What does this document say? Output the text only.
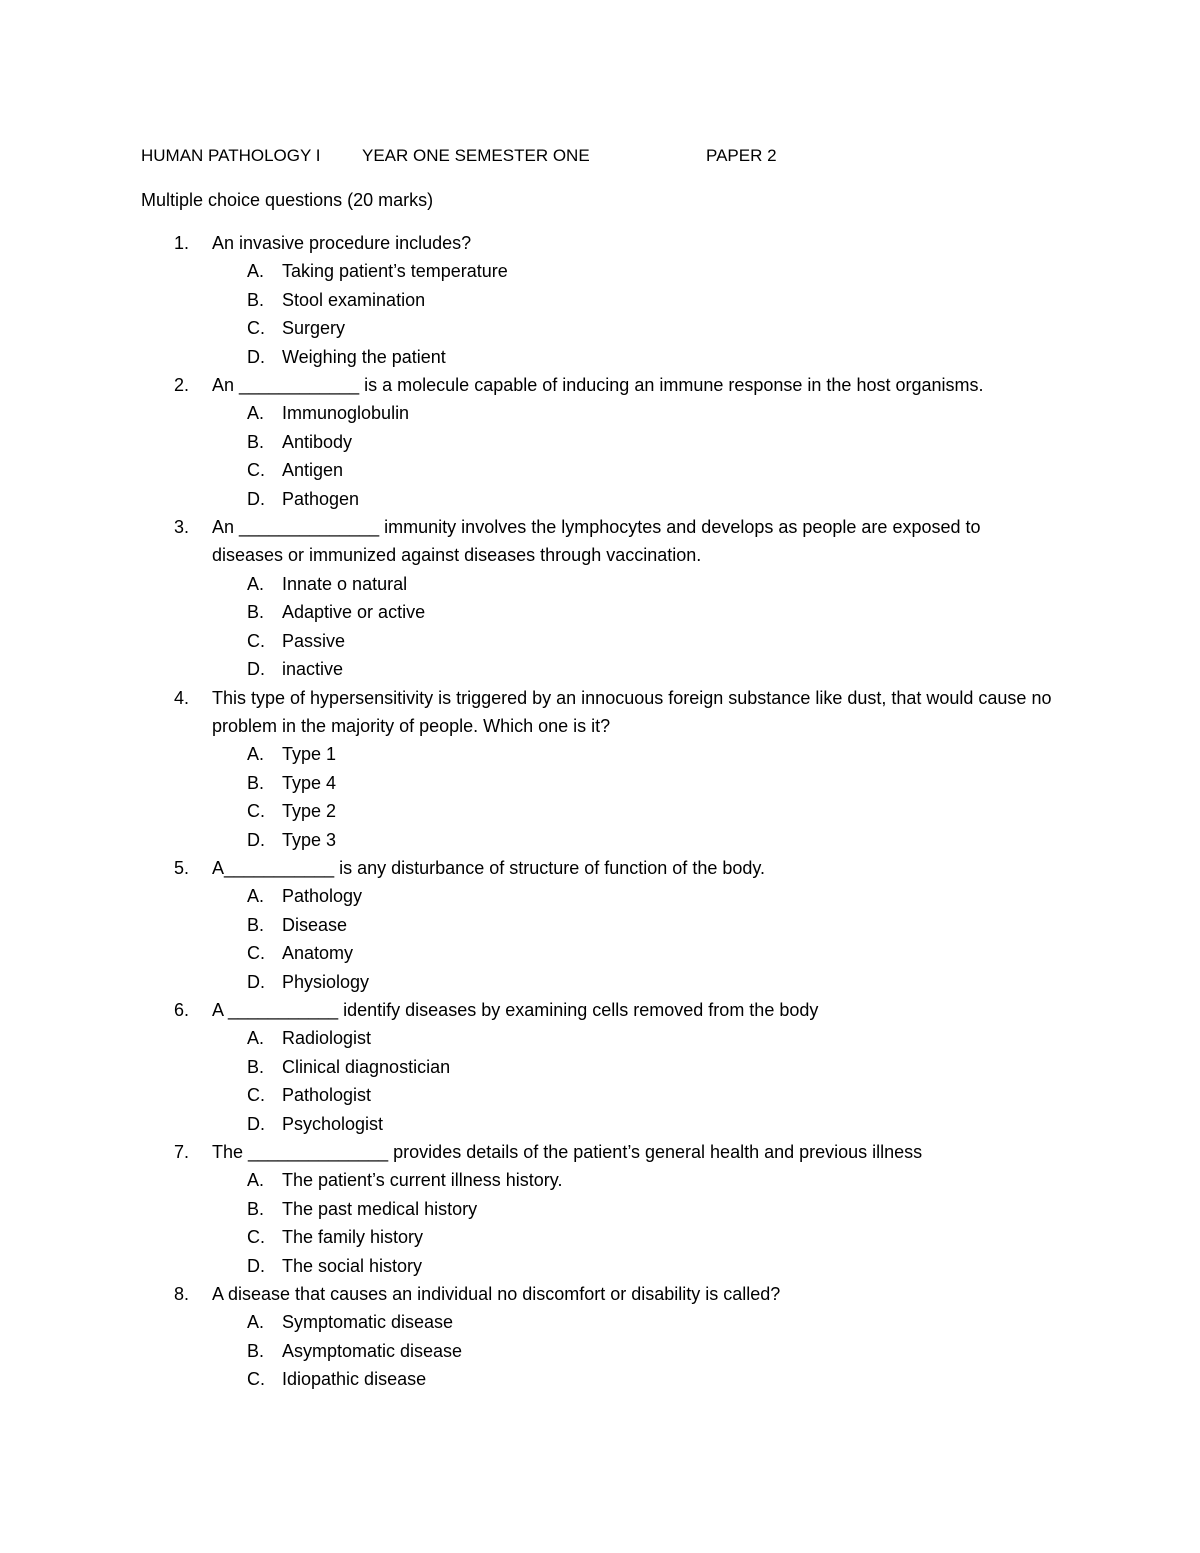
HUMAN PATHOLOGY I YEAR ONE SEMESTER ONE	PAPER 2
Multiple choice questions (20 marks)
1.	An invasive procedure includes?
A. Taking patient’s temperature
B. Stool examination
C. Surgery
D. Weighing the patient
2.	An ____________ is a molecule capable of inducing an immune response in the host organisms.
A. Immunoglobulin
B. Antibody
C. Antigen
D. Pathogen
3.	An ______________ immunity involves the lymphocytes and develops as people are exposed to diseases or immunized against diseases through vaccination.
A. Innate o natural
B. Adaptive or active
C. Passive
D. inactive
4.	This type of hypersensitivity is triggered by an innocuous foreign substance like dust, that would cause no problem in the majority of people. Which one is it?
A. Type 1
B. Type 4
C. Type 2
D. Type 3
5.	A___________ is any disturbance of structure of function of the body.
A. Pathology
B. Disease
C. Anatomy
D. Physiology
6.	A ___________ identify diseases by examining cells removed from the body
A. Radiologist
B. Clinical diagnostician
C. Pathologist
D. Psychologist
7.	The ______________ provides details of the patient’s general health and previous illness
A. The patient’s current illness history.
B. The past medical history
C. The family history
D. The social history
8.	A disease that causes an individual no discomfort or disability is called?
A. Symptomatic disease
B. Asymptomatic disease
C. Idiopathic disease
